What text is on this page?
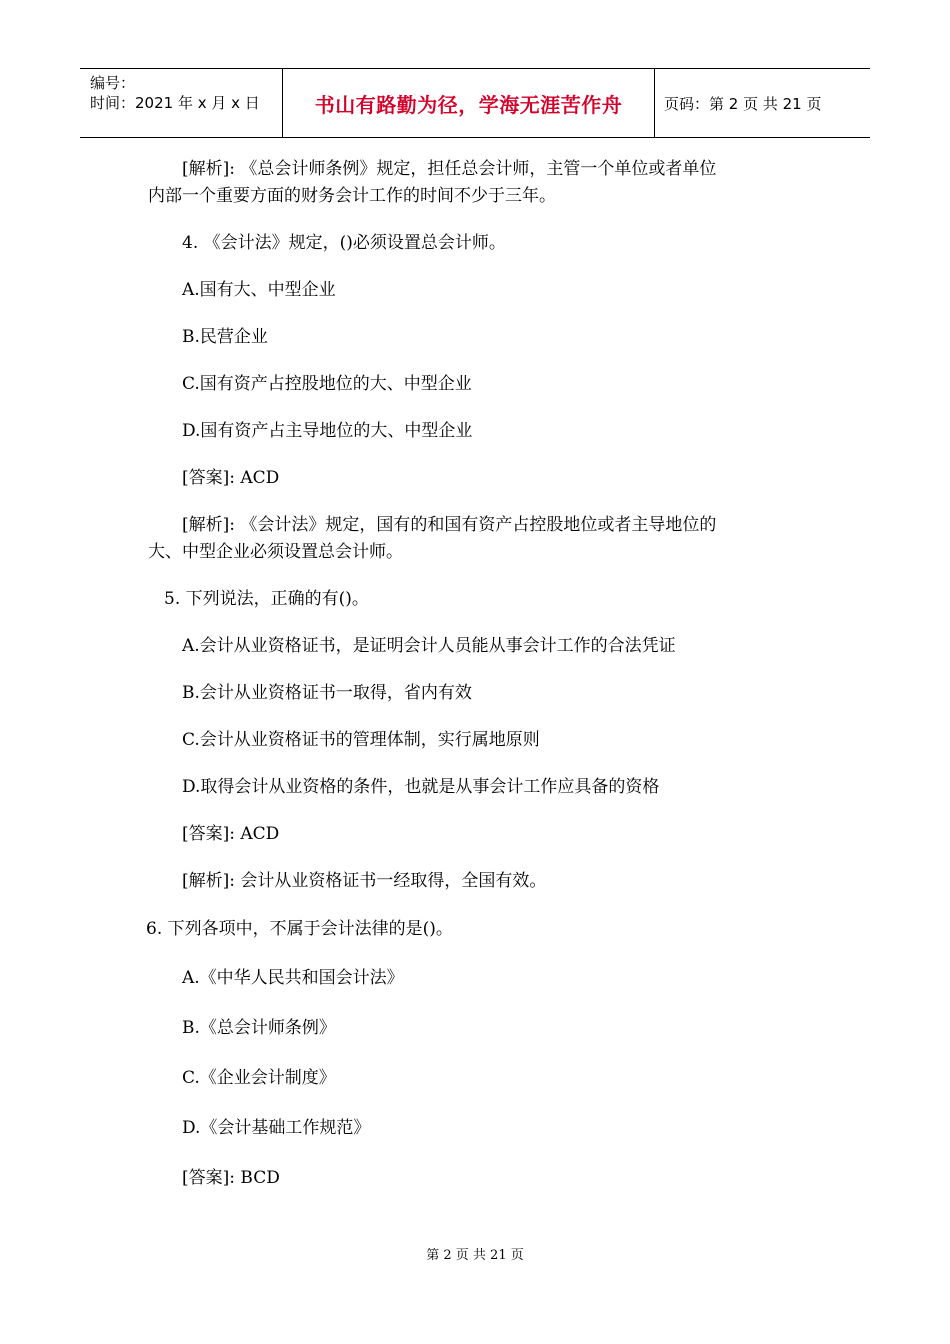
编号：
时间：2021 年 x 月 x 日	书山有路勤为径，学海无涯苦作舟	页码：第 2 页 共 21 页
[解析]: 《总会计师条例》规定，担任总会计师，主管一个单位或者单位
内部一个重要方面的财务会计工作的时间不少于三年。
4. 《会计法》规定，()必须设置总会计师。
A.国有大、中型企业
B.民营企业
C.国有资产占控股地位的大、中型企业
D.国有资产占主导地位的大、中型企业
[答案]: ACD
[解析]: 《会计法》规定，国有的和国有资产占控股地位或者主导地位的
大、中型企业必须设置总会计师。
5. 下列说法，正确的有()。
A.会计从业资格证书，是证明会计人员能从事会计工作的合法凭证
B.会计从业资格证书一取得，省内有效
C.会计从业资格证书的管理体制，实行属地原则
D.取得会计从业资格的条件，也就是从事会计工作应具备的资格
[答案]: ACD
[解析]: 会计从业资格证书一经取得，全国有效。
6. 下列各项中，不属于会计法律的是()。
A.《中华人民共和国会计法》
B.《总会计师条例》
C.《企业会计制度》
D.《会计基础工作规范》
[答案]: BCD
第 2 页 共 21 页
